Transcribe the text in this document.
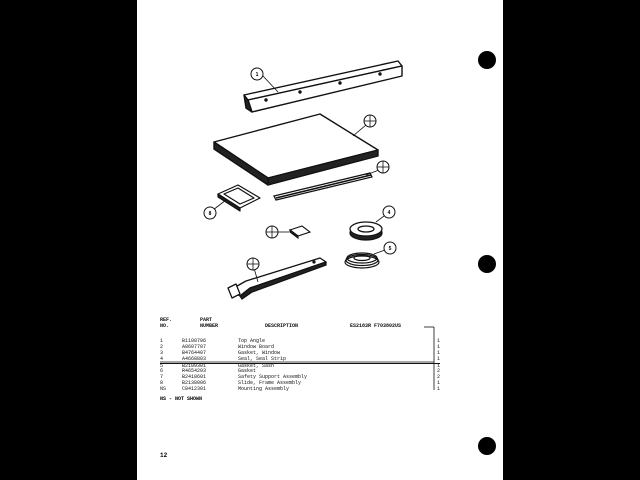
1
8	4
5
REF.
NO.
PART
NUMBER	DESCRIPTION	ES2183R F703802US
1	B1100706	Top Angle	1
2	A8607707	Window Board	1
3	B4764407	Gasket, Window	1
4	A4668803	Seal, Seal Strip	1
5	B2109301	Gasket, Sash	1
6	R4654203	Gasket	2
7	B2418601	Safety Support Assembly	2
8	B2138006	Slide, Frame Assembly	1
NS	C8412301	Mounting Assembly	1
NS - NOT SHOWN
12
